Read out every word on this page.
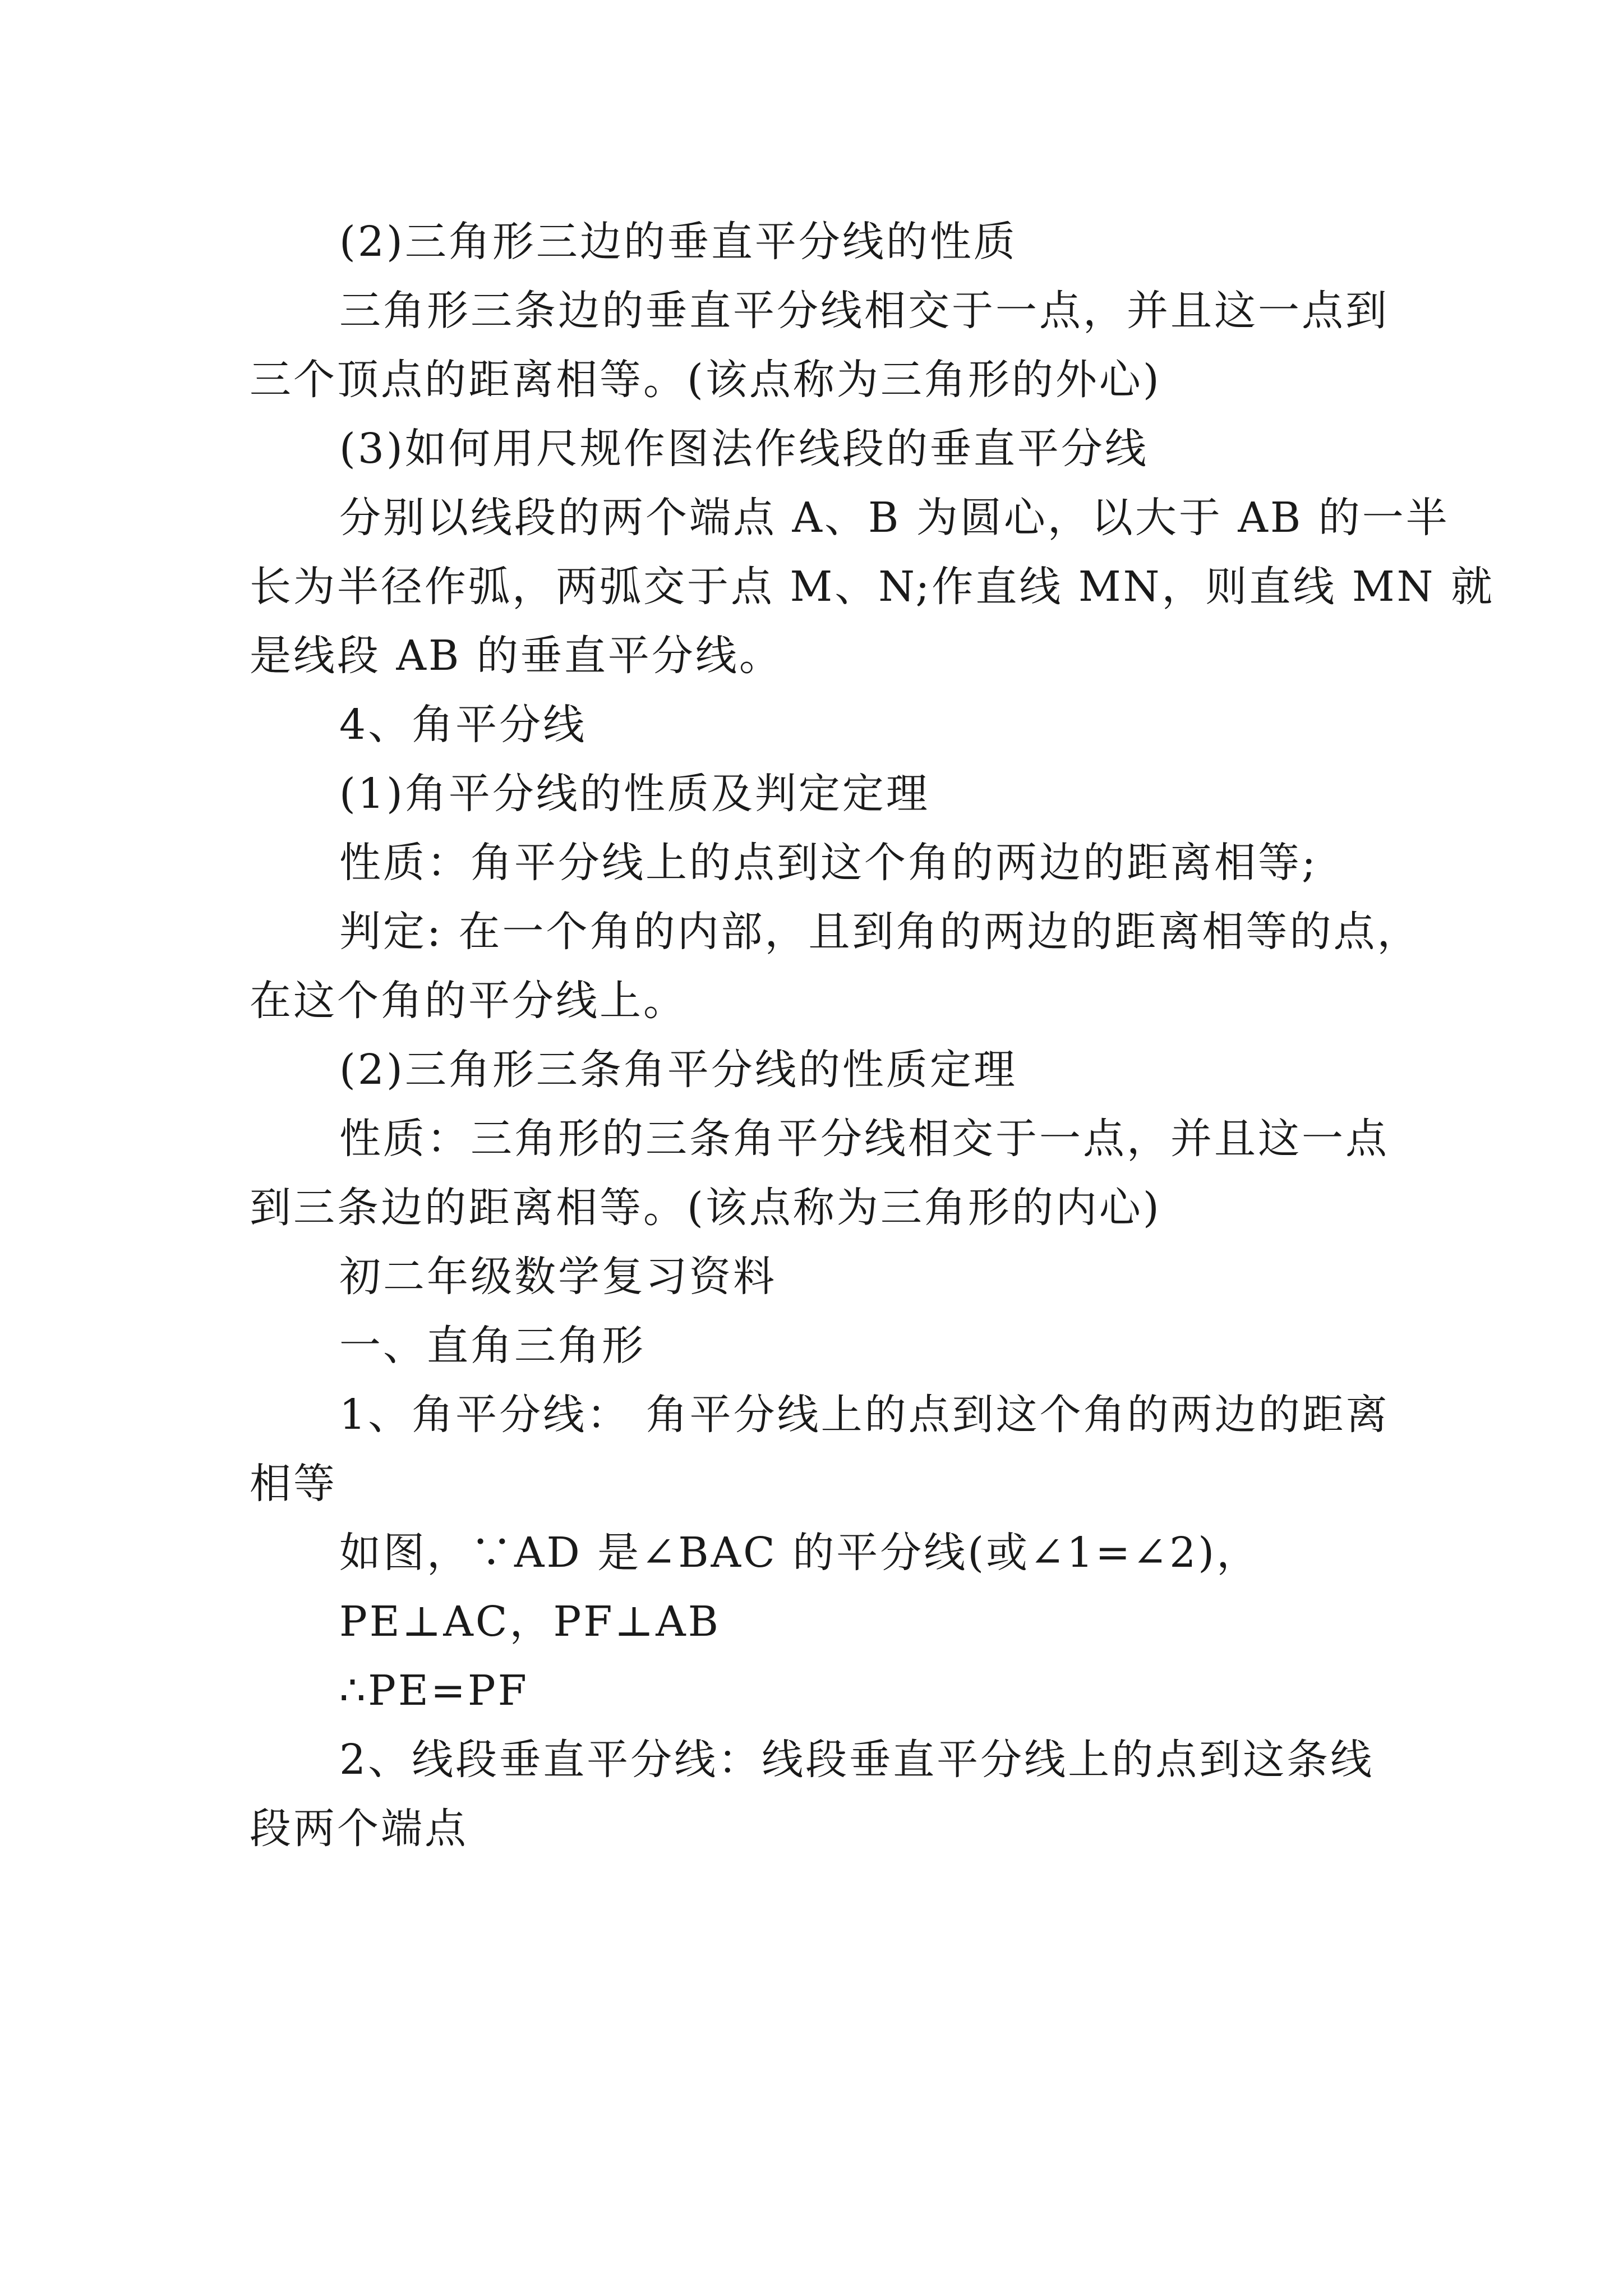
(2)三角形三边的垂直平分线的性质
三角形三条边的垂直平分线相交于一点，并且这一点到
三个顶点的距离相等。(该点称为三角形的外心)
(3)如何用尺规作图法作线段的垂直平分线
分别以线段的两个端点 A、B 为圆心，以大于 AB 的一半
长为半径作弧，两弧交于点 M、N;作直线 MN，则直线 MN 就
是线段 AB 的垂直平分线。
4、角平分线
(1)角平分线的性质及判定定理
性质：角平分线上的点到这个角的两边的距离相等;
判定: 在一个角的内部，且到角的两边的距离相等的点，
在这个角的平分线上。
(2)三角形三条角平分线的性质定理
性质：三角形的三条角平分线相交于一点，并且这一点
到三条边的距离相等。(该点称为三角形的内心)
初二年级数学复习资料
一、直角三角形
1、角平分线： 角平分线上的点到这个角的两边的距离
相等
如图，∵AD 是∠BAC 的平分线(或∠1=∠2)，
PE⊥AC，PF⊥AB
∴PE=PF
2、线段垂直平分线：线段垂直平分线上的点到这条线
段两个端点
